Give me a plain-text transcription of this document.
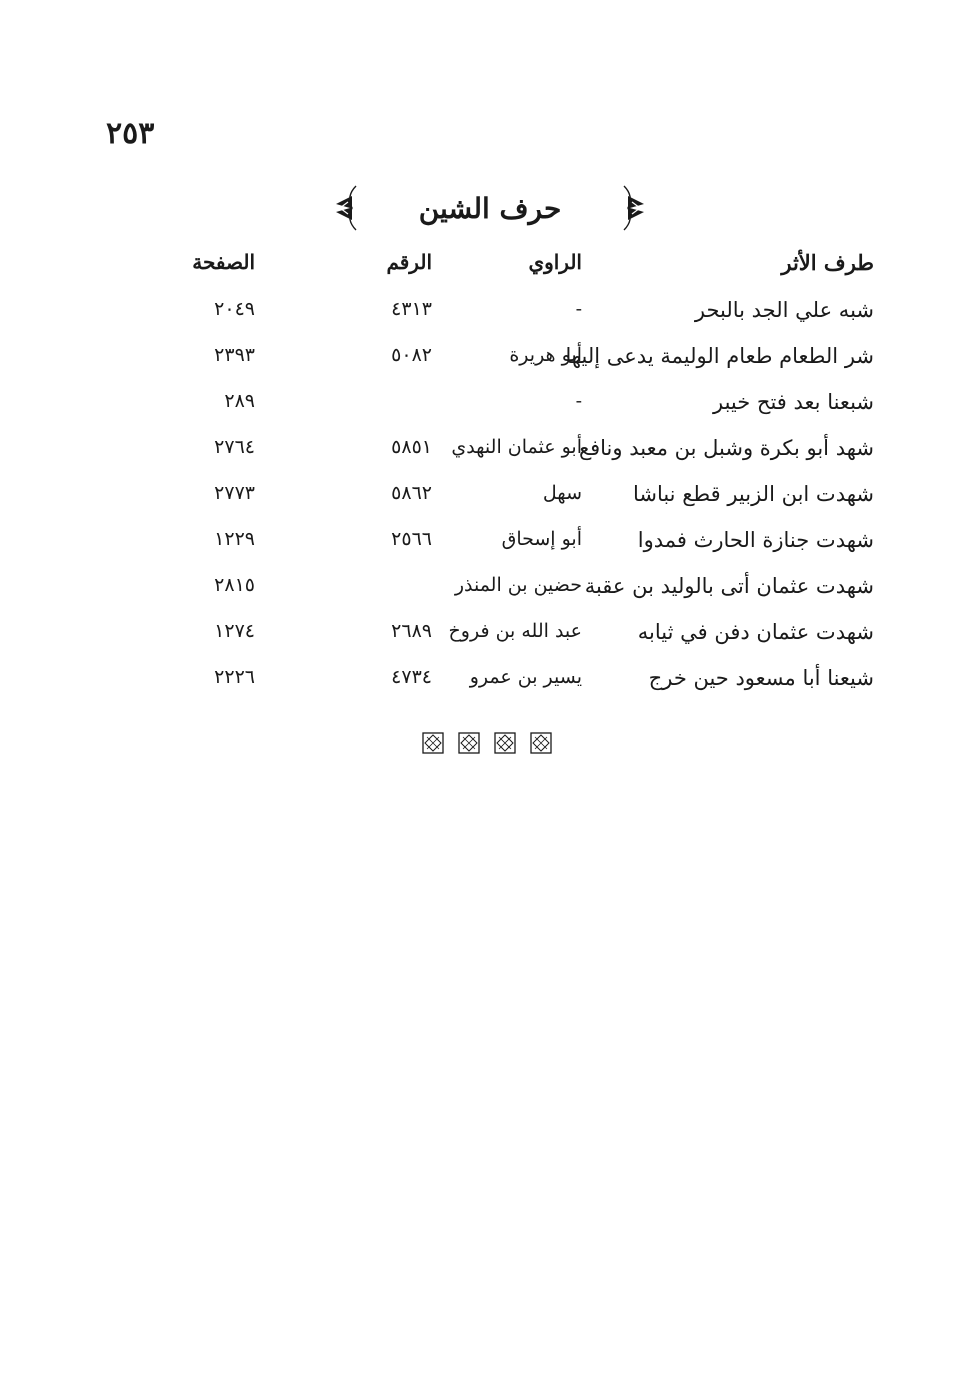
٢٥٣
حرف الشين
طرف الأثر
الراوي
الرقم
الصفحة
شبه علي الجد بالبحر
-
٤٣١٣
٢٠٤٩
شر الطعام طعام الوليمة يدعى إليها
أبو هريرة
٥٠٨٢
٢٣٩٣
شبعنا بعد فتح خيبر
-
٢٨٩
شهد أبو بكرة وشبل بن معبد ونافع
أبو عثمان النهدي
٥٨٥١
٢٧٦٤
شهدت ابن الزبير قطع نباشا
سهل
٥٨٦٢
٢٧٧٣
شهدت جنازة الحارث فمدوا
أبو إسحاق
٢٥٦٦
١٢٢٩
شهدت عثمان أتى بالوليد بن عقبة
حضين بن المنذر
٢٨١٥
شهدت عثمان دفن في ثيابه
عبد الله بن فروخ
٢٦٨٩
١٢٧٤
شيعنا أبا مسعود حين خرج
يسير بن عمرو
٤٧٣٤
٢٢٢٦
